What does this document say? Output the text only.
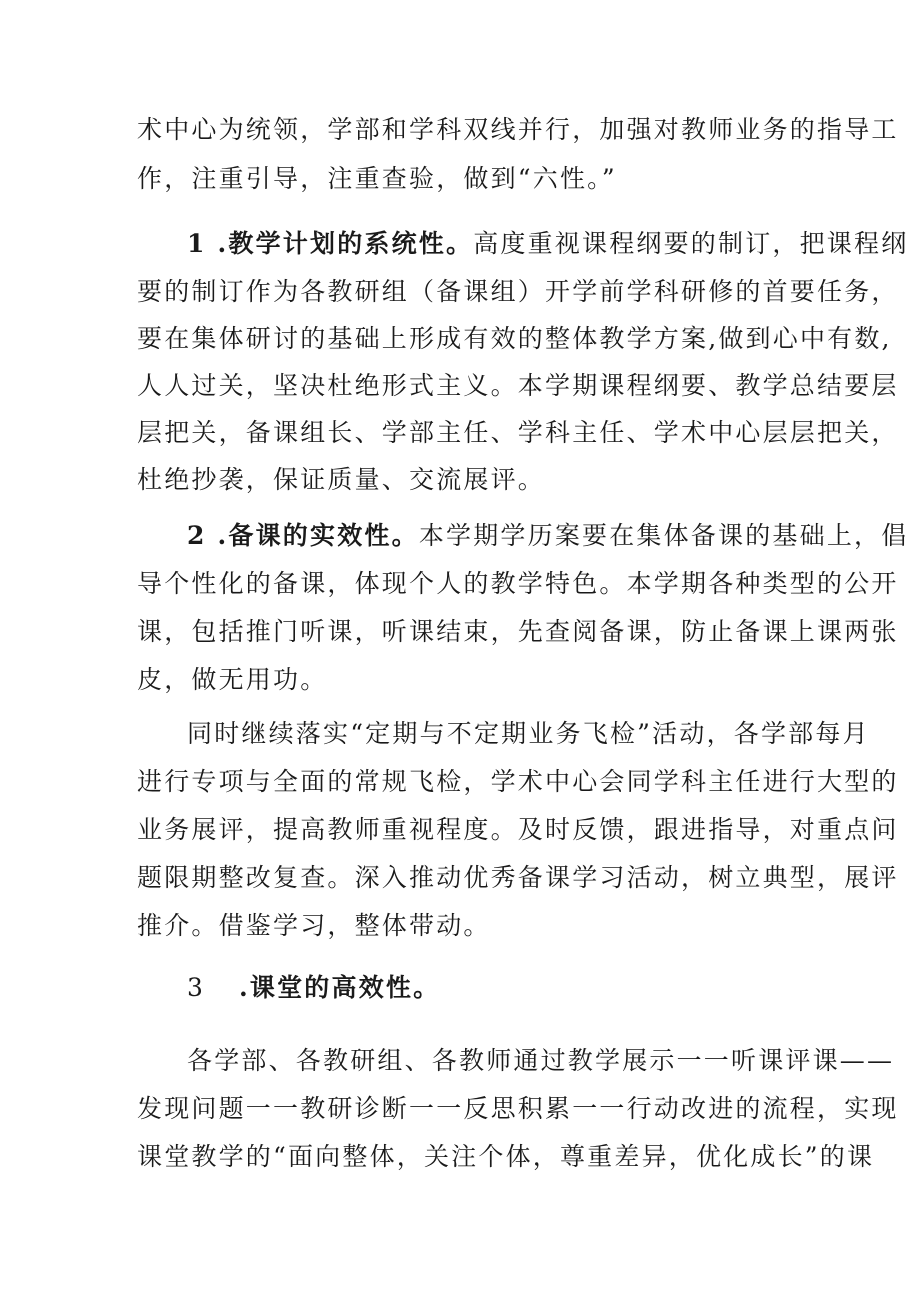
术中心为统领，学部和学科双线并行，加强对教师业务的指导工
作，注重引导，注重查验，做到“六性。”
1 .教学计划的系统性。高度重视课程纲要的制订，把课程纲
要的制订作为各教研组（备课组）开学前学科研修的首要任务，
要在集体研讨的基础上形成有效的整体教学方案,做到心中有数,
人人过关，坚决杜绝形式主义。本学期课程纲要、教学总结要层
层把关，备课组长、学部主任、学科主任、学术中心层层把关，
杜绝抄袭，保证质量、交流展评。
2 .备课的实效性。本学期学历案要在集体备课的基础上，倡
导个性化的备课，体现个人的教学特色。本学期各种类型的公开
课，包括推门听课，听课结束，先查阅备课，防止备课上课两张
皮，做无用功。
同时继续落实“定期与不定期业务飞检”活动，各学部每月
进行专项与全面的常规飞检，学术中心会同学科主任进行大型的
业务展评，提高教师重视程度。及时反馈，跟进指导，对重点问
题限期整改复查。深入推动优秀备课学习活动，树立典型，展评
推介。借鉴学习，整体带动。
3 .课堂的高效性。
各学部、各教研组、各教师通过教学展示一一听课评课——
发现问题一一教研诊断一一反思积累一一行动改进的流程，实现
课堂教学的“面向整体，关注个体，尊重差异，优化成长”的课
